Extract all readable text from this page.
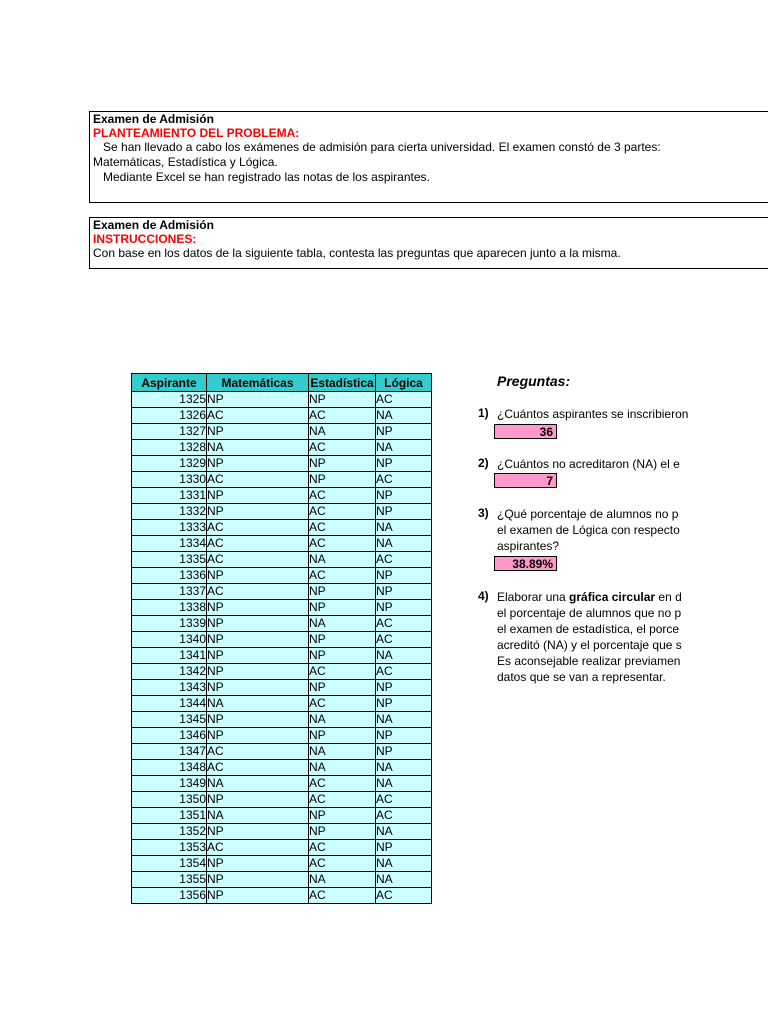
Examen de Admisión
PLANTEAMIENTO DEL PROBLEMA:
Se han llevado a cabo los exámenes de admisión para cierta universidad. El examen constó de 3 partes:
Matemáticas, Estadística y Lógica.
Mediante Excel se han registrado las notas de los aspirantes.
Examen de Admisión
INSTRUCCIONES:
Con base en los datos de la siguiente tabla, contesta las preguntas que aparecen junto a la misma.
Aspirante	Matemáticas	Estadística	Lógica
1325	NP	NP	AC
1326	AC	AC	NA
1327	NP	NA	NP
1328	NA	AC	NA
1329	NP	NP	NP
1330	AC	NP	AC
1331	NP	AC	NP
1332	NP	AC	NP
1333	AC	AC	NA
1334	AC	AC	NA
1335	AC	NA	AC
1336	NP	AC	NP
1337	AC	NP	NP
1338	NP	NP	NP
1339	NP	NA	AC
1340	NP	NP	AC
1341	NP	NP	NA
1342	NP	AC	AC
1343	NP	NP	NP
1344	NA	AC	NP
1345	NP	NA	NA
1346	NP	NP	NP
1347	AC	NA	NP
1348	AC	NA	NA
1349	NA	AC	NA
1350	NP	AC	AC
1351	NA	NP	AC
1352	NP	NP	NA
1353	AC	AC	NP
1354	NP	AC	NA
1355	NP	NA	NA
1356	NP	AC	AC
Preguntas:
1) ¿Cuántos aspirantes se inscribieron
36
2) ¿Cuántos no acreditaron (NA) el e
7
3) ¿Qué porcentaje de alumnos no p
el examen de Lógica con respecto
aspirantes?
38.89%
4) Elaborar una gráfica circular en d
el porcentaje de alumnos que no p
el examen de estadística, el porce
acreditó (NA) y el porcentaje que s
Es aconsejable realizar previamen
datos que se van a representar.
